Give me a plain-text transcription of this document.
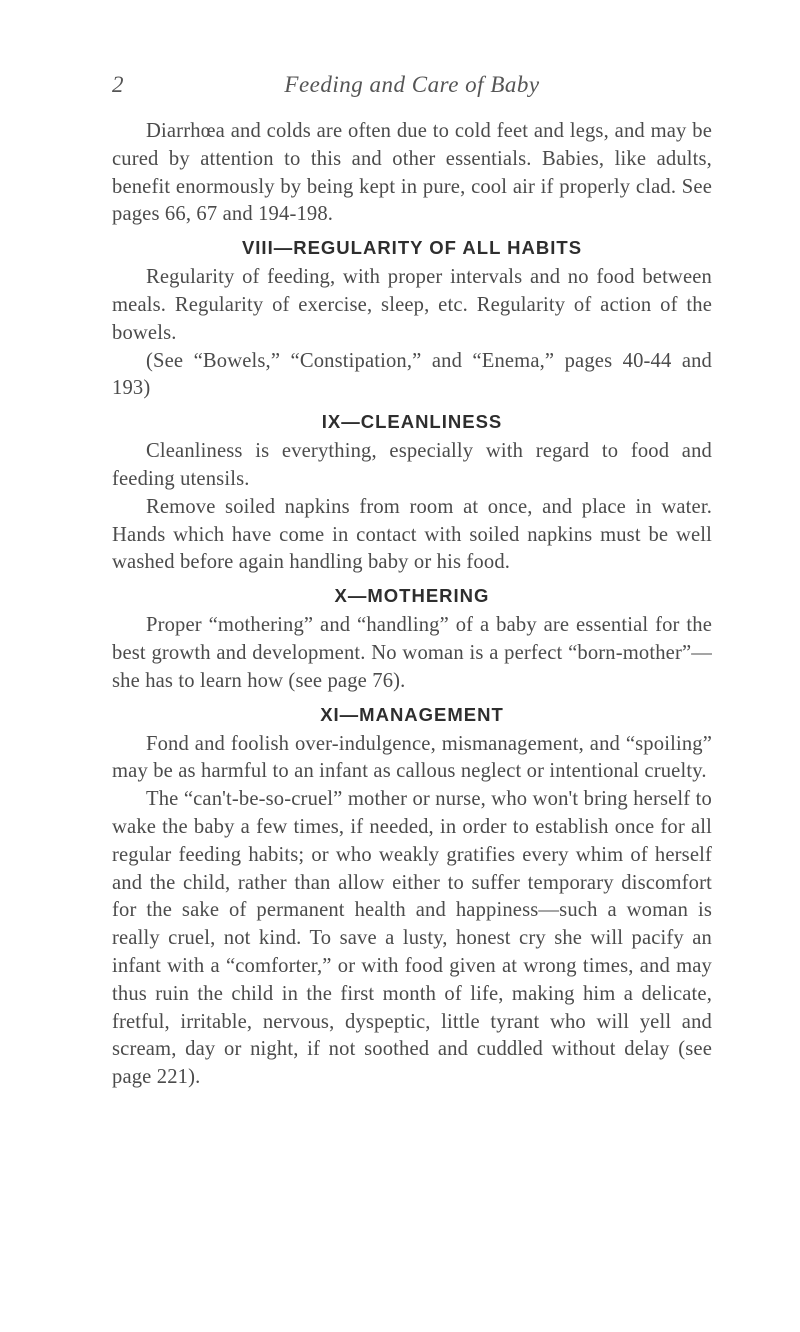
2	Feeding and Care of Baby

Diarrhœa and colds are often due to cold feet and legs, and may be cured by attention to this and other essentials. Babies, like adults, benefit enormously by being kept in pure, cool air if properly clad. See pages 66, 67 and 194-198.

VIII—REGULARITY OF ALL HABITS

Regularity of feeding, with proper intervals and no food between meals. Regularity of exercise, sleep, etc. Regularity of action of the bowels.

(See “Bowels,” “Constipation,” and “Enema,” pages 40-44 and 193)

IX—CLEANLINESS

Cleanliness is everything, especially with regard to food and feeding utensils.

Remove soiled napkins from room at once, and place in water. Hands which have come in contact with soiled napkins must be well washed before again handling baby or his food.

X—MOTHERING

Proper “mothering” and “handling” of a baby are essential for the best growth and development. No woman is a perfect “born-mother”—she has to learn how (see page 76).

XI—MANAGEMENT

Fond and foolish over-indulgence, mismanagement, and “spoiling” may be as harmful to an infant as callous neglect or intentional cruelty.

The “can't-be-so-cruel” mother or nurse, who won't bring herself to wake the baby a few times, if needed, in order to establish once for all regular feeding habits; or who weakly gratifies every whim of herself and the child, rather than allow either to suffer temporary discomfort for the sake of permanent health and happiness—such a woman is really cruel, not kind. To save a lusty, honest cry she will pacify an infant with a “comforter,” or with food given at wrong times, and may thus ruin the child in the first month of life, making him a delicate, fretful, irritable, nervous, dyspeptic, little tyrant who will yell and scream, day or night, if not soothed and cuddled without delay (see page 221).
